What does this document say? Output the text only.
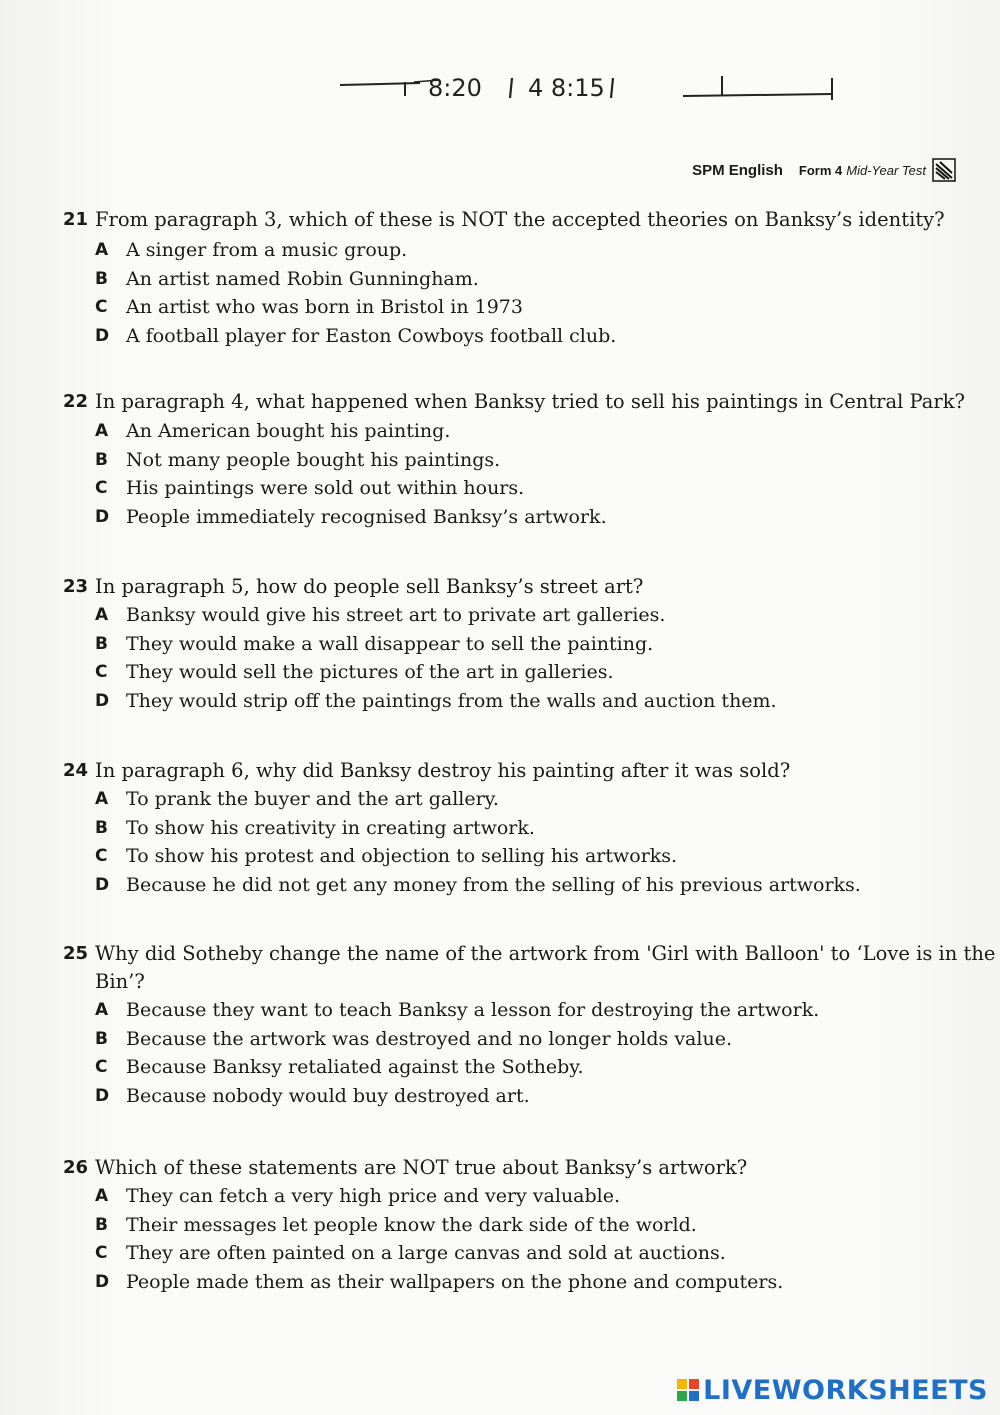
8:20 4 8:15
SPM English Form 4 Mid-Year Test
21 From paragraph 3, which of these is NOT the accepted theories on Banksy’s identity?
A A singer from a music group.
B An artist named Robin Gunningham.
C An artist who was born in Bristol in 1973
D A football player for Easton Cowboys football club.
22 In paragraph 4, what happened when Banksy tried to sell his paintings in Central Park?
A An American bought his painting.
B Not many people bought his paintings.
C His paintings were sold out within hours.
D People immediately recognised Banksy’s artwork.
23 In paragraph 5, how do people sell Banksy’s street art?
A Banksy would give his street art to private art galleries.
B They would make a wall disappear to sell the painting.
C They would sell the pictures of the art in galleries.
D They would strip off the paintings from the walls and auction them.
24 In paragraph 6, why did Banksy destroy his painting after it was sold?
A To prank the buyer and the art gallery.
B To show his creativity in creating artwork.
C To show his protest and objection to selling his artworks.
D Because he did not get any money from the selling of his previous artworks.
25 Why did Sotheby change the name of the artwork from 'Girl with Balloon' to ‘Love is in the Bin’?
A Because they want to teach Banksy a lesson for destroying the artwork.
B Because the artwork was destroyed and no longer holds value.
C Because Banksy retaliated against the Sotheby.
D Because nobody would buy destroyed art.
26 Which of these statements are NOT true about Banksy’s artwork?
A They can fetch a very high price and very valuable.
B Their messages let people know the dark side of the world.
C They are often painted on a large canvas and sold at auctions.
D People made them as their wallpapers on the phone and computers.
LIVEWORKSHEETS
